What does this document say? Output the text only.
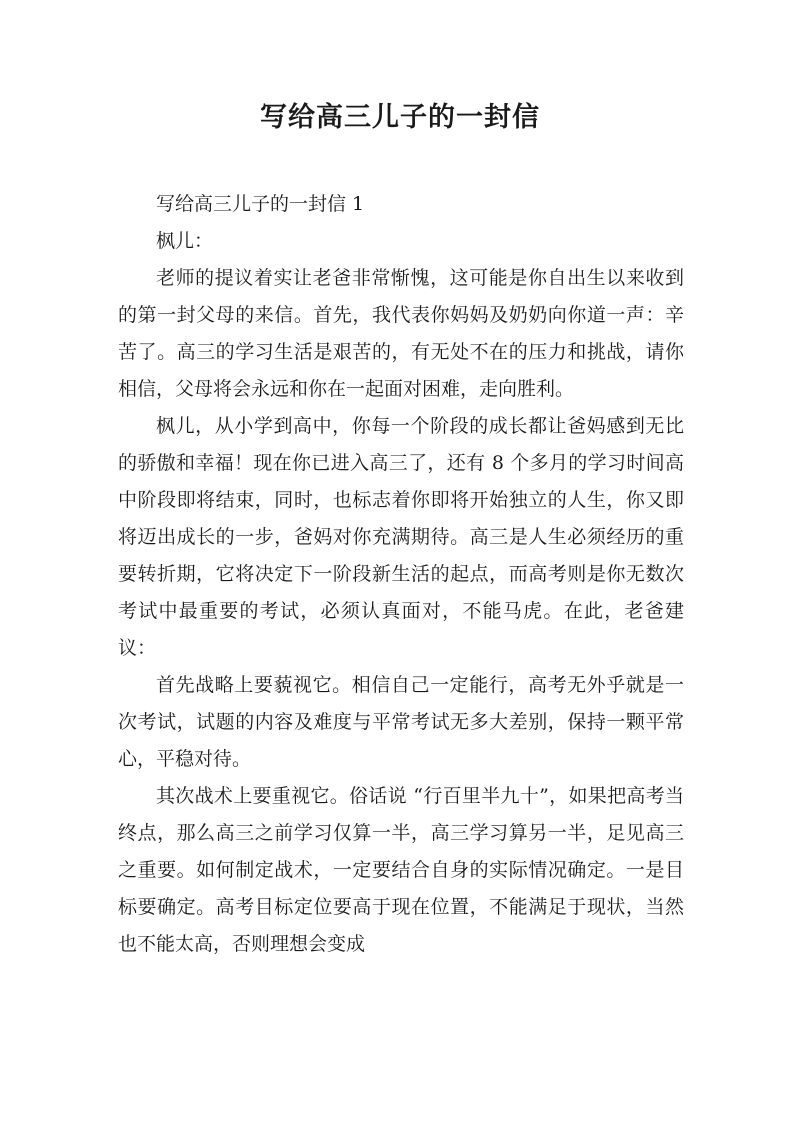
写给高三儿子的一封信

写给高三儿子的一封信 1

枫儿：

老师的提议着实让老爸非常惭愧，这可能是你自出生以来收到的第一封父母的来信。首先，我代表你妈妈及奶奶向你道一声：辛苦了。高三的学习生活是艰苦的，有无处不在的压力和挑战，请你相信，父母将会永远和你在一起面对困难，走向胜利。

枫儿，从小学到高中，你每一个阶段的成长都让爸妈感到无比的骄傲和幸福！现在你已进入高三了，还有 8 个多月的学习时间高中阶段即将结束，同时，也标志着你即将开始独立的人生，你又即将迈出成长的一步，爸妈对你充满期待。高三是人生必须经历的重要转折期，它将决定下一阶段新生活的起点，而高考则是你无数次考试中最重要的考试，必须认真面对，不能马虎。在此，老爸建议：

首先战略上要藐视它。相信自己一定能行，高考无外乎就是一次考试，试题的内容及难度与平常考试无多大差别，保持一颗平常心，平稳对待。

其次战术上要重视它。俗话说 “行百里半九十”，如果把高考当终点，那么高三之前学习仅算一半，高三学习算另一半，足见高三之重要。如何制定战术，一定要结合自身的实际情况确定。一是目标要确定。高考目标定位要高于现在位置，不能满足于现状，当然也不能太高，否则理想会变成
